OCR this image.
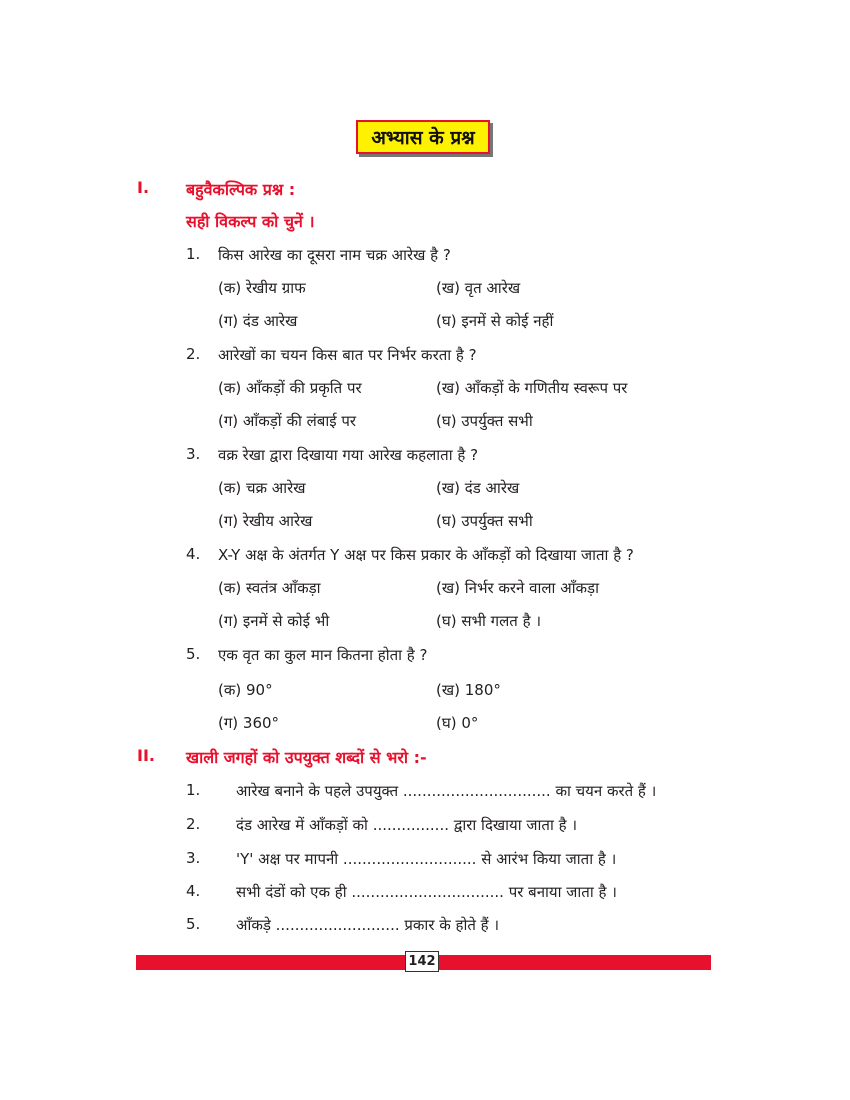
अभ्यास के प्रश्न
I. बहुवैकल्पिक प्रश्न :
सही विकल्प को चुनें ।
1. किस आरेख का दूसरा नाम चक्र आरेख है ?
(क) रेखीय ग्राफ	(ख) वृत आरेख
(ग) दंड आरेख	(घ) इनमें से कोई नहीं
2. आरेखों का चयन किस बात पर निर्भर करता है ?
(क) आँकड़ों की प्रकृति पर	(ख) आँकड़ों के गणितीय स्वरूप पर
(ग) आँकड़ों की लंबाई पर	(घ) उपर्युक्त सभी
3. वक्र रेखा द्वारा दिखाया गया आरेख कहलाता है ?
(क) चक्र आरेख	(ख) दंड आरेख
(ग) रेखीय आरेख	(घ) उपर्युक्त सभी
4. X-Y अक्ष के अंतर्गत Y अक्ष पर किस प्रकार के आँकड़ों को दिखाया जाता है ?
(क) स्वतंत्र आँकड़ा	(ख) निर्भर करने वाला आँकड़ा
(ग) इनमें से कोई भी	(घ) सभी गलत है ।
5. एक वृत का कुल मान कितना होता है ?
(क) 90°	(ख) 180°
(ग) 360°	(घ) 0°
II. खाली जगहों को उपयुक्त शब्दों से भरो :-
1. आरेख बनाने के पहले उपयुक्त ............................... का चयन करते हैं ।
2. दंड आरेख में आँकड़ों को ................ द्वारा दिखाया जाता है ।
3. 'Y' अक्ष पर मापनी ............................ से आरंभ किया जाता है ।
4. सभी दंडों को एक ही ................................ पर बनाया जाता है ।
5. आँकड़े .......................... प्रकार के होते हैं ।
142
